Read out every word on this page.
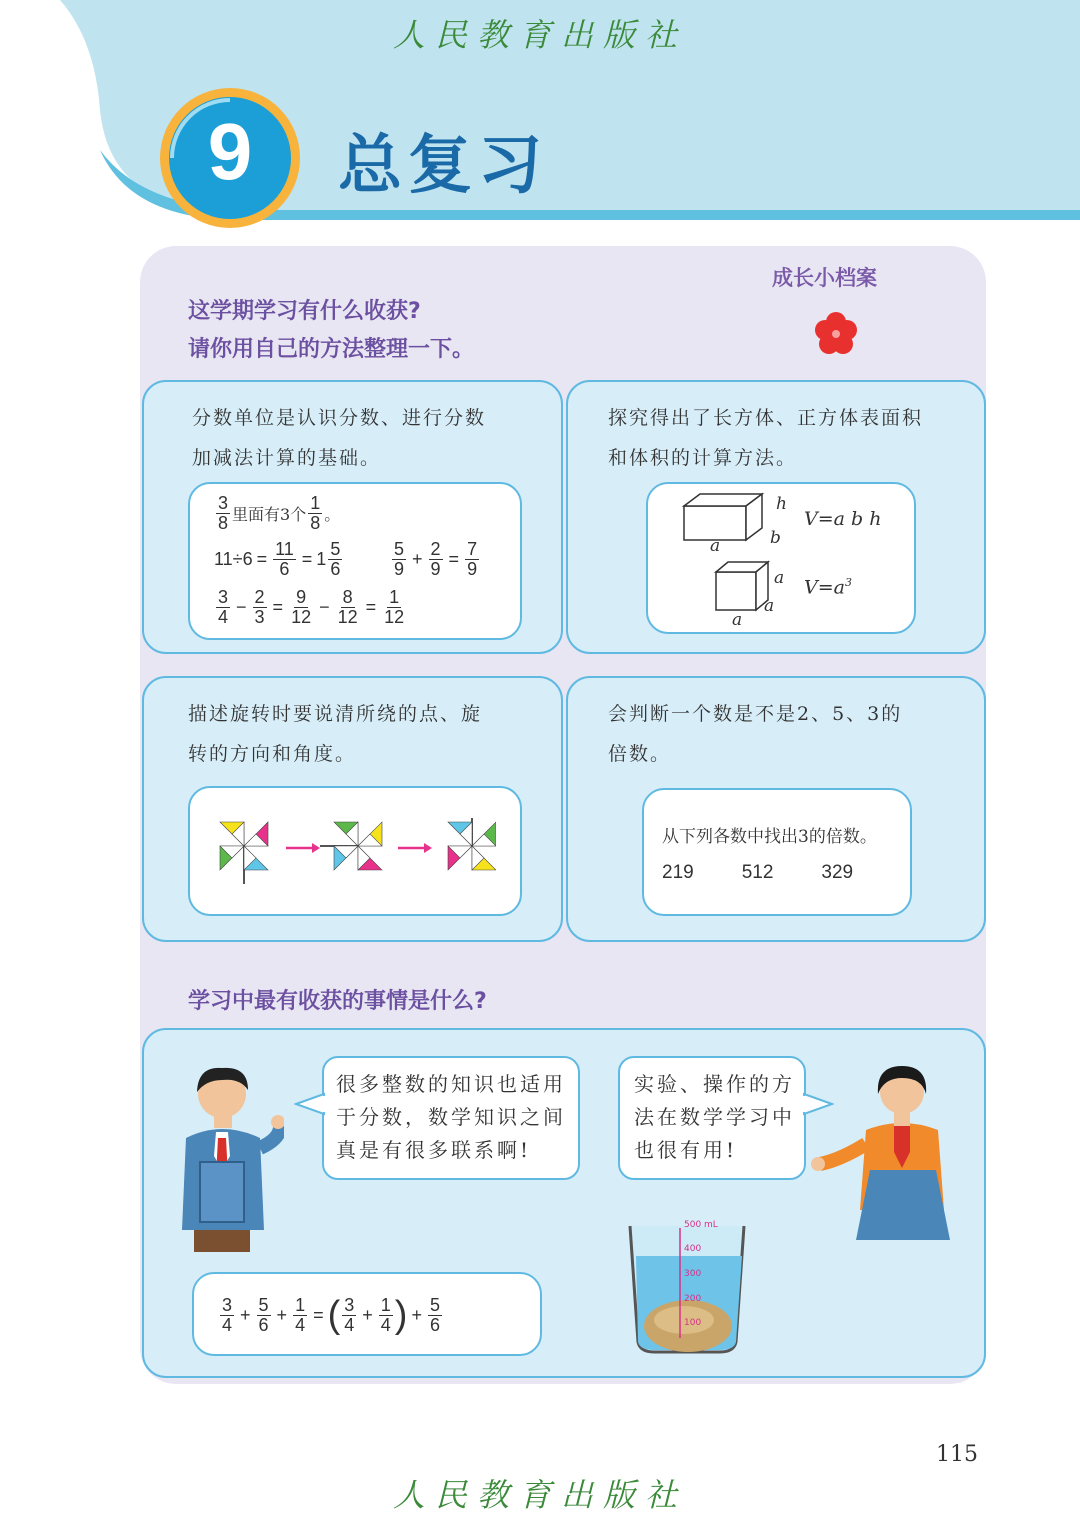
人民教育出版社
9	总复习
成长小档案
这学期学习有什么收获?
请你用自己的方法整理一下。
分数单位是认识分数、进行分数
加减法计算的基础。
3
8 里面有3个
1
8 。
$11\div 6 = \frac{11}{6} = 1$ 5
6
5
$9 + \frac{2}{9} = \frac{7}{9}$
3
$4 - \frac{2}{3} = \frac{9}{12} - \frac{8}{12} = \frac{1}{12}$
探究得出了长方体、正方体表面积
和体积的计算方法。
h
a	b
V=a b h
a
a
a
$V=a^3$
描述旋转时要说清所绕的点、旋
转的方向和角度。
会判断一个数是不是2、5、3的
倍数。
从下列各数中找出3的倍数。
219	512	329
学习中最有收获的事情是什么?
很多整数的知识也适用
于分数，数学知识之间
真是有很多联系啊!
实验、操作的方
法在数学学习中
也很有用!
3
$4 + \frac{5}{6} + \frac{1}{4}$ = ( 3
$4 + \frac{1}{4}$ ) + $\frac{5}{6}$
500 mL
400
300
200
100
115
人民教育出版社
